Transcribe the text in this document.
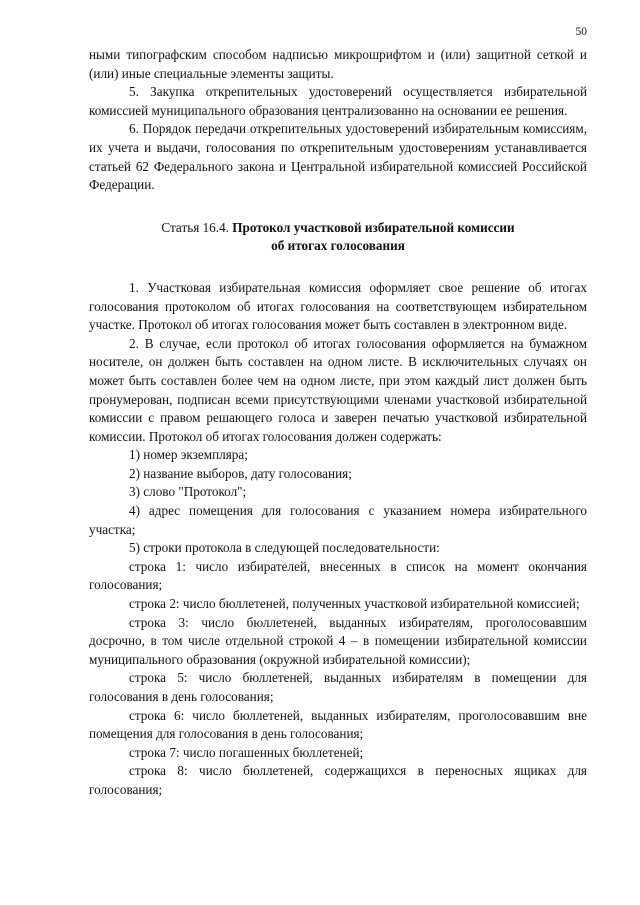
50

ными типографским способом надписью микрошрифтом и (или) защитной сеткой и (или) иные специальные элементы защиты.

5. Закупка открепительных удостоверений осуществляется избирательной комиссией муниципального образования централизованно на основании ее решения.

6. Порядок передачи открепительных удостоверений избирательным комиссиям, их учета и выдачи, голосования по открепительным удостоверениям устанавливается статьей 62 Федерального закона и Центральной избирательной комиссией Российской Федерации.

Статья 16.4. Протокол участковой избирательной комиссии
об итогах голосования

1. Участковая избирательная комиссия оформляет свое решение об итогах голосования протоколом об итогах голосования на соответствующем избирательном участке. Протокол об итогах голосования может быть составлен в электронном виде.

2. В случае, если протокол об итогах голосования оформляется на бумажном носителе, он должен быть составлен на одном листе. В исключительных случаях он может быть составлен более чем на одном листе, при этом каждый лист должен быть пронумерован, подписан всеми присутствующими членами участковой избирательной комиссии с правом решающего голоса и заверен печатью участковой избирательной комиссии. Протокол об итогах голосования должен содержать:

1) номер экземпляра;

2) название выборов, дату голосования;

3) слово "Протокол";

4) адрес помещения для голосования с указанием номера избирательного участка;

5) строки протокола в следующей последовательности:

строка 1: число избирателей, внесенных в список на момент окончания голосования;

строка 2: число бюллетеней, полученных участковой избирательной комиссией;

строка 3: число бюллетеней, выданных избирателям, проголосовавшим досрочно, в том числе отдельной строкой 4 – в помещении избирательной комиссии муниципального образования (окружной избирательной комиссии);

строка 5: число бюллетеней, выданных избирателям в помещении для голосования в день голосования;

строка 6: число бюллетеней, выданных избирателям, проголосовавшим вне помещения для голосования в день голосования;

строка 7: число погашенных бюллетеней;

строка 8: число бюллетеней, содержащихся в переносных ящиках для голосования;
